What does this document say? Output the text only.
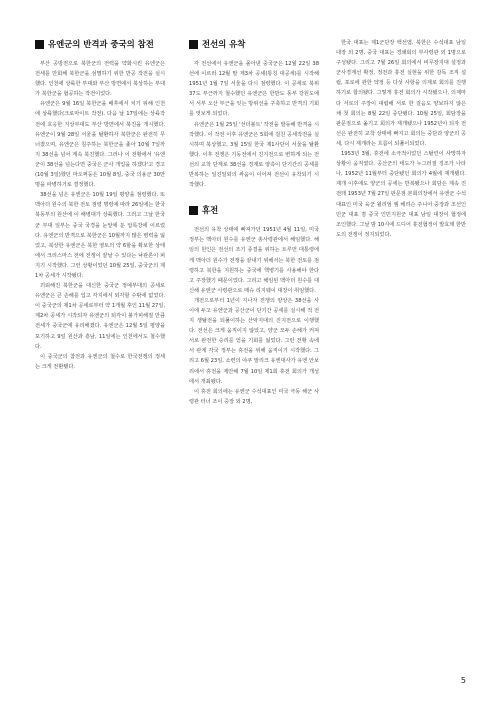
유엔군의 반격과 중국의 참전

부산 공방전으로 북한군의 전력을 약화시킨 유엔군은 전세를 만회해 북한군을 섬멸하기 위한 반공 작전을 실시했다. 인천에 상륙한 부대와 부산 방면에서 북상하는 부대가 북한군을 협공하는 작전이었다.

유엔군은 9월 16일 북한군을 배후에서 치기 위해 인천에 상륙했다(크로마이트 작전). 다음 날 17일에는 상륙작전에 호응한 지상부대도 부산 방면에서 북진을 개시했다. 유엔군이 9월 28일 서울을 탈환하자 북한군은 완전히 무너졌으며, 유엔군은 침주하는 북한군을 좇아 10월 7일까지 38선을 넘어 계속 북진했다. 그러나 이 전황에서 '유엔군이 38선을 넘는다면 중국은 군사 개입을 하겠다'고 경고(10월 3일)했던 마오쩌둥은 10월 8일, 중국 의용군 30만 명을 파병하기로 결정했다.

38선을 넘은 유엔군은 10월 19일 평양을 점령했다. 또 맥아더 원수의 북한 전토 점령 명령에 따라 26일에는 한국 북동부의 원산에 이 해병대가 상륙했다. 그러고 그날 한국군 부대 일부는 중국 국경을 눈앞에 둔 압록강에 이르렀다. 유엔군의 반격으로 북한군은 10월까지 많은 병력을 잃었고, 북상한 유엔군은 북한 영토의 약 6할을 확보한 상태에서 크리스마스 전에 전쟁이 끝날 수 있다는 낙관론이 퍼지기 시작했다. 그런 상황이었던 10월 25일, 중국군의 제1차 공세가 시작됐다.

괴뢰해진 북한군을 대신한 중국군 정예부대의 공세로 유엔군은 큰 손해를 입고 각지에서 퇴각할 수밖에 없었다. 이 중국군의 제1차 공세로부터 약 1개월 후인 11월 27일, 제2차 공세가 시작되자 유엔군의 퇴각이 불가피해질 만큼 전세가 중국군에 유리해졌다. 유엔군은 12월 5일 평양을 포기하고 9일 원산과 흥남, 11일에는 인천에서도 철수했다.

이 중국군의 참전과 유엔군의 철수로 한국전쟁의 정세는 크게 전환됐다.

전선의 유착

각 전선에서 유엔군을 몰아낸 중국군은 12월 22일 38선에 이르러 12월 말 제3차 공세(통칭 대공세)를 시작해 1951년 1월 7일 서울을 다시 점령했다. 이 공세로 북위 37도 부근까지 철수했던 유엔군은 한반도 동부 강원도에서 서부 오산 부근을 잇는 방위선을 구축하고 반격의 기회를 엿보게 되었다.

유엔군은 1월 25일 '선더볼트' 작전을 발동해 반격을 시작했다. 이 작전 이후 유엔군은 5회에 걸친 공세작전을 실시하며 북상했고, 3월 15일 한국 제1사단이 서울을 탈환했다. 이후 전쟁은 기동전에서 진지전으로 변하게 되는 전선의 교착 단계로 38선을 경계로 양측이 단기간의 공세를 반복하는 일진일퇴의 싸움이 이어져 전선이 유착되기 시작했다.

휴전

전선의 유착 상태에 빠져가던 1951년 4월 11일, 미국 정부는 맥아더 원수를 유엔군 총사령관에서 해임했다. 해임의 원인은 전선의 조기 종결을 위하는 트루먼 대통령에게 맥아더 원수가 전쟁을 끝내기 위해서는 북한 전토를 점령하고 북한을 지원하는 중국에 핵병기를 사용해야 한다고 주장했기 때문이었다. 그리고 해임된 맥아더 원수를 대신해 유엔군 사령관으로 매슈 리지웨이 대장이 취임했다.

개전으로부터 1년이 지나자 전쟁의 양상은 38선을 사이에 두고 유엔군과 공산군이 단기간 공세를 실시해 적 전지 쟁탈전을 되풀이하는 산악지대의 진지전으로 이행했다. 전선은 크게 움직이지 않았고, 양군 모두 손해가 커져 서로 완전한 승리를 얻을 기회를 잃었다. 그런 전황 속에서 관계 각국 정부는 휴전을 위해 움직이기 시작했다. 그리고 6월 23일, 소련의 야쿠 말리크 유엔대사가 유엔 안보리에서 휴전을 제안해 7월 10일 제1회 휴전 회의가 개성에서 개최됐다.

이 휴전 회의에는 유엔군 수석대표인 미국 극동 해군 사령관 터너 조이 중장 외 2명,

한국 대표는 제1군단장 백선엽, 북한은 수석대표 남일 대장 외 2명, 중국 대표는 경쇄회의 부사령관 외 1명으로 구성됐다. 그리고 7월 26일 회의에서 비무장지대 설정과 군사경계선 확정, 정전과 휴전 실현을 위한 감독 조직 설립, 포로에 관한 약정 등 다섯 사항을 의제로 회의를 진행하기로 합의됐다. 그렇게 휴전 회의가 시작됐으나, 의제마다 서로의 주장이 대립해 서로 한 걸음도 양보하지 않은 채 첫 회의는 8월 22일 중단됐다. 10월 25일, 회담장을 판문점으로 옮기고 회의가 재개됐으나 1952년이 되자 전선은 완전히 교착 상태에 빠지고 회의는 중단과 양군의 공세, 다시 재개라는 흐름이 되풀이되었다.

1953년 3월, 휴전에 소극적이었던 스탈린이 사망하자 상황이 움직였다. 공산군의 태도가 누그러질 징조가 나타나, 1952년 11월부터 중단됐던 회의가 4월에 재개됐다. 재개 이후에도 양군의 공세는 반복됐으나 회담은 계속 진전돼 1953년 7월 27일 판문점 본회의장에서 유엔군 수석대표인 미국 육군 윌리엄 엠 해리슨 주니어 중장과 조선인민군 대표 겸 중국 인민지원군 대표 남일 대장이 협정에 조인했다. 그날 밤 10시에 드디어 휴전협정이 발효돼 한반도의 전쟁이 정지되었다.

5
